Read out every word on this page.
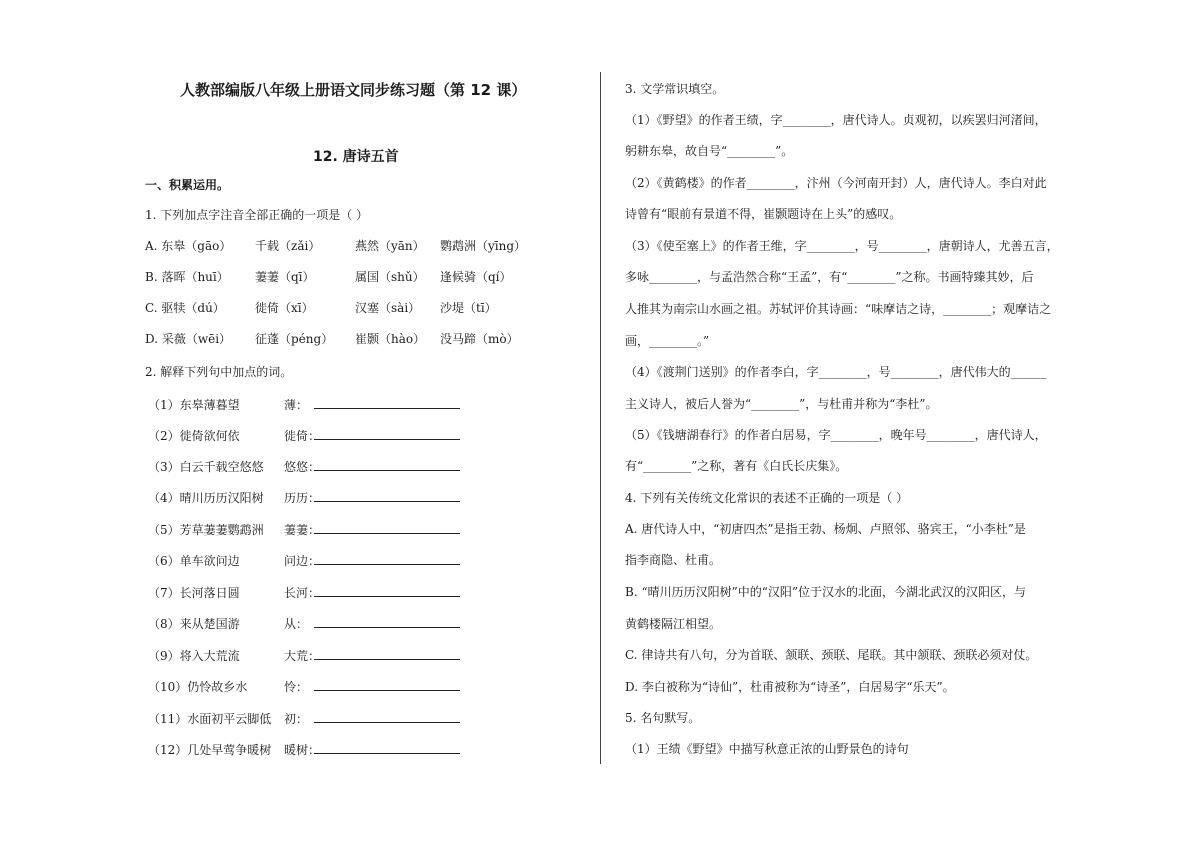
人教部编版八年级上册语文同步练习题（第 12 课）
12. 唐诗五首
一、积累运用。
1. 下列加点字注音全部正确的一项是（ ）
A. 东皋（gāo） 千载（zǎi）	燕然（yān） 鹦鹉洲（yīng）
B. 落晖（huī） 萋萋（qī）	属国（shǔ） 逢候骑（qí）
C. 驱犊（dú）	徙倚（xī）	汉塞（sài） 沙堤（tī）
D. 采薇（wēi） 征蓬（péng） 崔颢（hào） 没马蹄（mò）
2. 解释下列句中加点的词。
（1）东皋薄暮望	薄：
（2）徙倚欲何依	徙倚：
（3）白云千载空悠悠 悠悠：
（4）晴川历历汉阳树 历历：
（5）芳草萋萋鹦鹉洲 萋萋：
（6）单车欲问边	问边：
（7）长河落日圆	长河：
（8）来从楚国游	从：
（9）将入大荒流	大荒：
（10）仍怜故乡水	怜：
（11）水面初平云脚低 初：
（12）几处早莺争暖树 暖树：
3. 文学常识填空。
（1）《野望》的作者王绩，字________，唐代诗人。贞观初，以疾罢归河渚间，
躬耕东皋，故自号“________”。
（2）《黄鹤楼》的作者________，汴州（今河南开封）人，唐代诗人。李白对此
诗曾有“眼前有景道不得，崔颢题诗在上头”的感叹。
（3）《使至塞上》的作者王维，字________，号________，唐朝诗人，尤善五言，
多咏________，与孟浩然合称“王孟”，有“________”之称。书画特臻其妙，后
人推其为南宗山水画之祖。苏轼评价其诗画：“味摩诘之诗，________；观摩诘之
画，________。”
（4）《渡荆门送别》的作者李白，字________，号________，唐代伟大的______
主义诗人，被后人誉为“________”，与杜甫并称为“李杜”。
（5）《钱塘湖春行》的作者白居易，字________，晚年号________，唐代诗人，
有“________”之称，著有《白氏长庆集》。
4. 下列有关传统文化常识的表述不正确的一项是（ ）
A. 唐代诗人中，“初唐四杰”是指王勃、杨炯、卢照邻、骆宾王，“小李杜”是
指李商隐、杜甫。
B. “晴川历历汉阳树”中的“汉阳”位于汉水的北面，今湖北武汉的汉阳区，与
黄鹤楼隔江相望。
C. 律诗共有八句，分为首联、颔联、颈联、尾联。其中颔联、颈联必须对仗。
D. 李白被称为“诗仙”，杜甫被称为“诗圣”，白居易字“乐天”。
5. 名句默写。
（1）王绩《野望》中描写秋意正浓的山野景色的诗句
